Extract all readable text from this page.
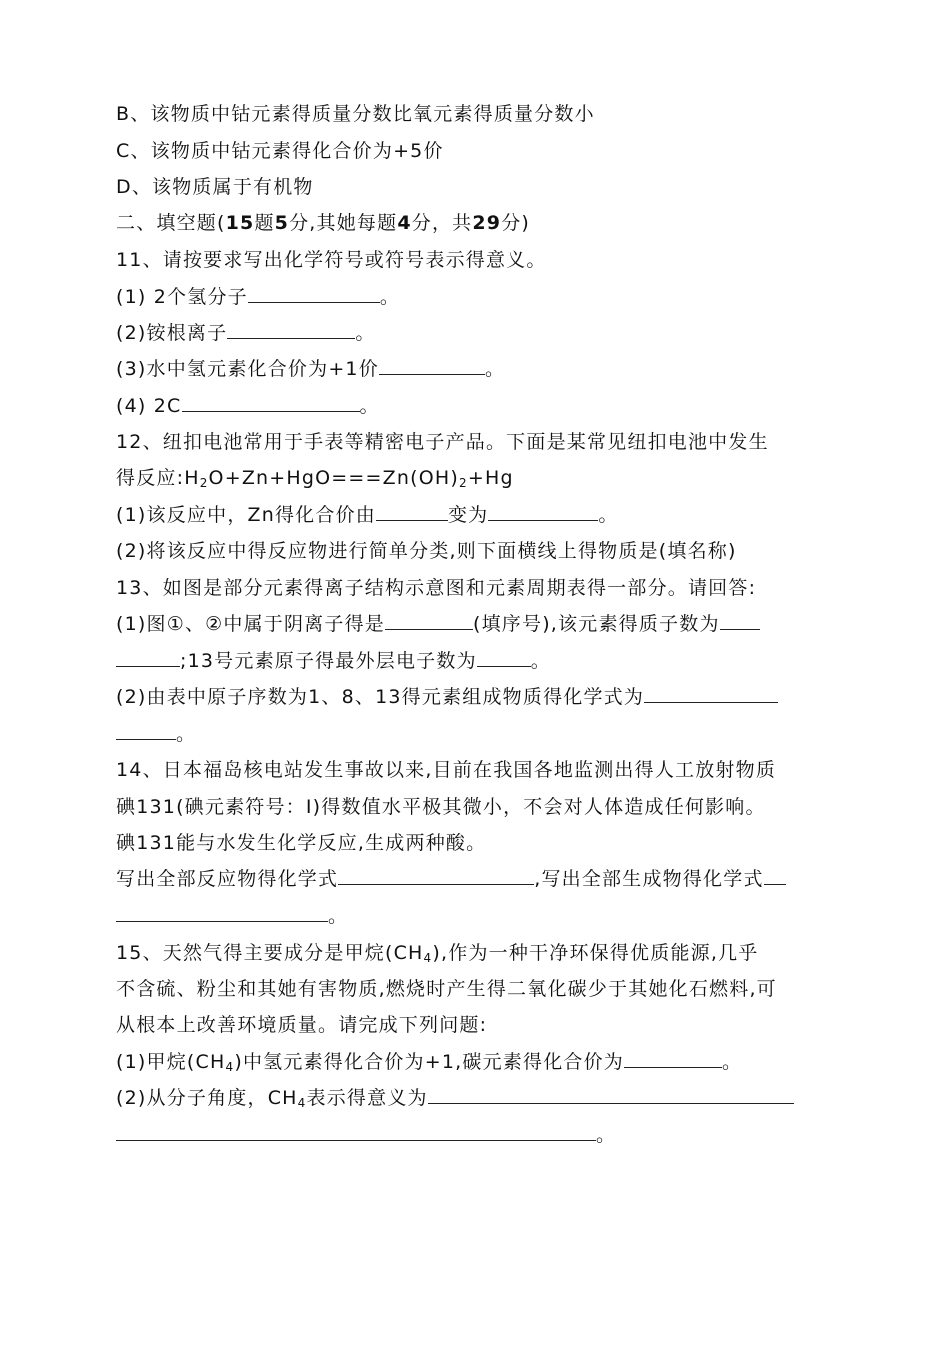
B、该物质中钴元素得质量分数比氧元素得质量分数小
C、该物质中钴元素得化合价为+5价
D、该物质属于有机物
二、填空题(15题5分,其她每题4分，共29分)
11、请按要求写出化学符号或符号表示得意义。
(1) 2个氢分子	。
(2)铵根离子	。
(3)水中氢元素化合价为+1价	。
(4) 2C	。
12、纽扣电池常用于手表等精密电子产品。下面是某常见纽扣电池中发生
得反应$:H_2O+Zn+HgO===Zn(OH)_2+Hg$
(1)该反应中，Zn得化合价由	变为	。
(2)将该反应中得反应物进行简单分类,则下面横线上得物质是(填名称)
13、如图是部分元素得离子结构示意图和元素周期表得一部分。请回答:
(1)图①、②中属于阴离子得是	(填序号),该元素得质子数为
;13号元素原子得最外层电子数为	。
(2)由表中原子序数为1、8、13得元素组成物质得化学式为
。
14、日本福岛核电站发生事故以来,目前在我国各地监测出得人工放射物质
碘131(碘元素符号：I)得数值水平极其微小，不会对人体造成任何影响。
碘131能与水发生化学反应,生成两种酸。
写出全部反应物得化学式	,写出全部生成物得化学式
。
15、天然气得主要成分是甲烷$(CH_4)$,作为一种干净环保得优质能源,几乎
不含硫、粉尘和其她有害物质,燃烧时产生得二氧化碳少于其她化石燃料,可
从根本上改善环境质量。请完成下列问题:
(1)甲烷$(CH_4)$中氢元素得化合价为+1,碳元素得化合价为	。
(2)从分子角度，$CH_4$表示得意义为
。
